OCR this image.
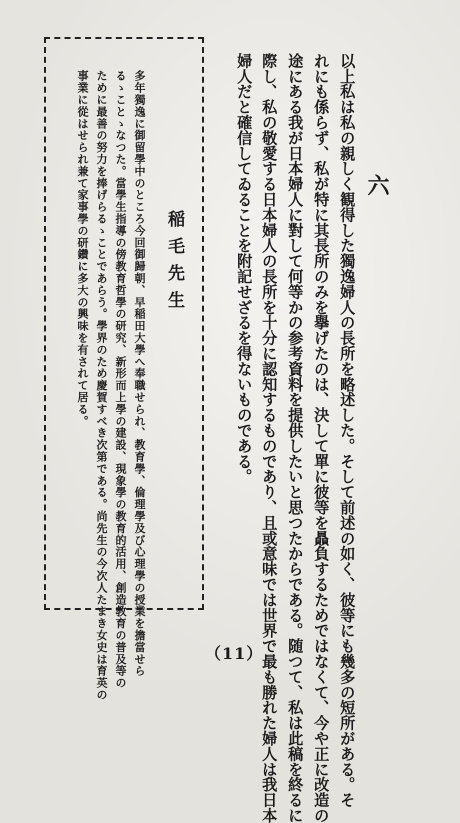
以上私は私の親しく観得した獨逸婦人の長所を略述した。そして前述の如く、彼等にも幾多の短所がある。そ
れにも係らず、私が特に其長所のみを擧げたのは、決して單に彼等を贔負するためではなくて、今や正に改造の
途にある我が日本婦人に對して何等かの参考資料を提供したいと思つたからである。随つて、私は此稿を終るに
際し、私の敬愛する日本婦人の長所を十分に認知するものであり、且或意味では世界で最も勝れた婦人は我日本
婦人だと確信してゐることを附記せざるを得ないものである。	六
稲毛先生
多年獨逸に御留學中のところ今回御歸朝、早稲田大學へ奉職せられ、教育學、倫理學及び心理學の授業を擔當せら
るゝことゝなつた。當學生指導の傍教育哲學の研究、新形而上學の建設、現象學の教育的活用、創造教育の普及等の
ために最善の努力を捧げらるゝことであらう。學界のため慶賀すべき次第である。尚先生の今次人たまき女史は育英の
事業に從はせられ兼て家事學の研鑽に多大の興味を有されて居る。
（11）
